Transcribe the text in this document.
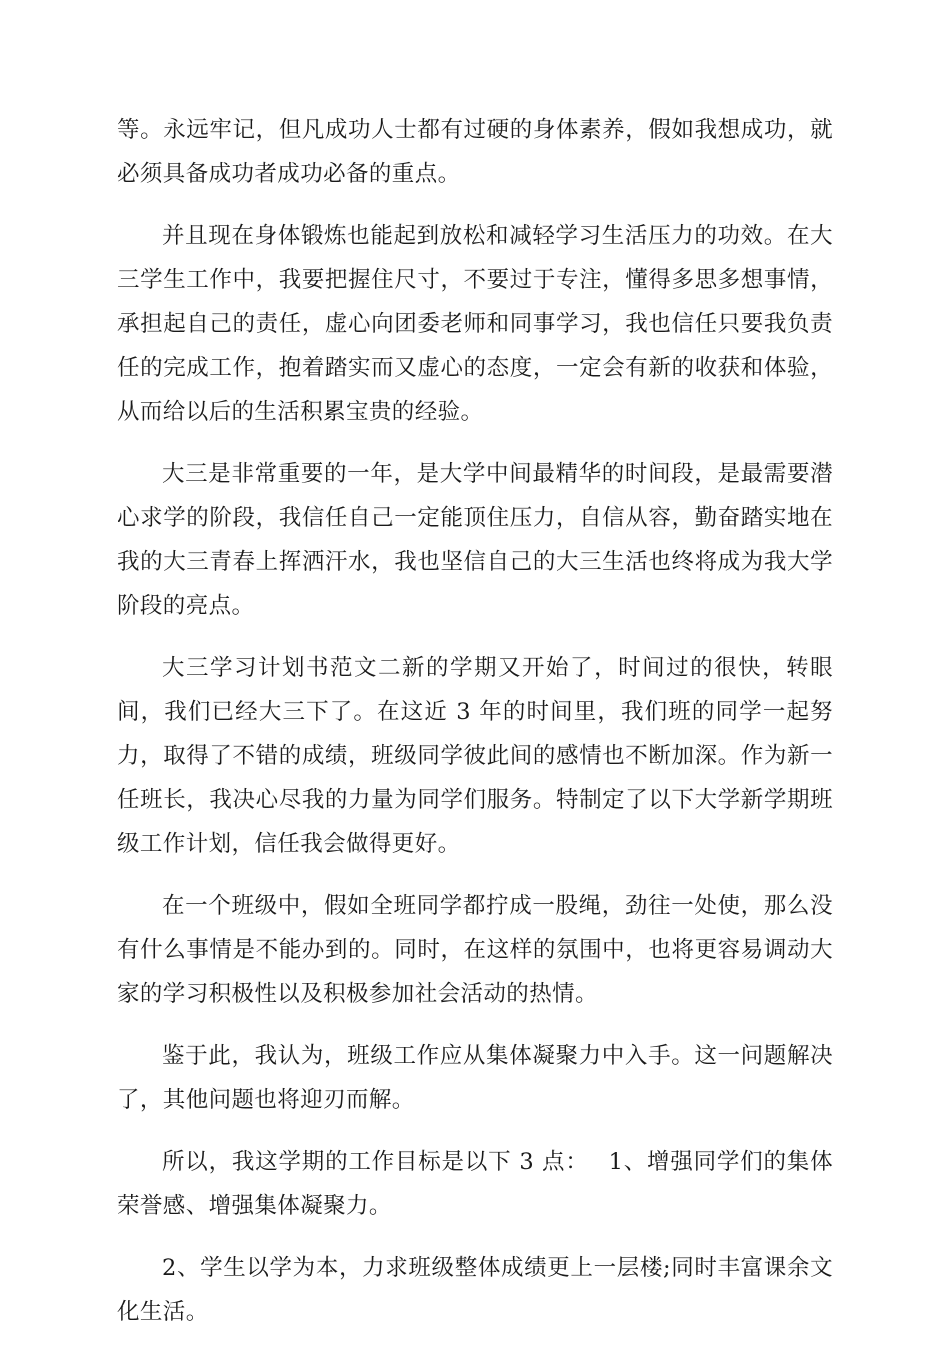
等。永远牢记，但凡成功人士都有过硬的身体素养，假如我想成功，就必须具备成功者成功必备的重点。

并且现在身体锻炼也能起到放松和减轻学习生活压力的功效。在大三学生工作中，我要把握住尺寸，不要过于专注，懂得多思多想事情，承担起自己的责任，虚心向团委老师和同事学习，我也信任只要我负责任的完成工作，抱着踏实而又虚心的态度，一定会有新的收获和体验，从而给以后的生活积累宝贵的经验。

大三是非常重要的一年，是大学中间最精华的时间段，是最需要潜心求学的阶段，我信任自己一定能顶住压力，自信从容，勤奋踏实地在我的大三青春上挥洒汗水，我也坚信自己的大三生活也终将成为我大学阶段的亮点。

大三学习计划书范文二新的学期又开始了，时间过的很快，转眼间，我们已经大三下了。在这近 3 年的时间里，我们班的同学一起努力，取得了不错的成绩，班级同学彼此间的感情也不断加深。作为新一任班长，我决心尽我的力量为同学们服务。特制定了以下大学新学期班级工作计划，信任我会做得更好。

在一个班级中，假如全班同学都拧成一股绳，劲往一处使，那么没有什么事情是不能办到的。同时，在这样的氛围中，也将更容易调动大家的学习积极性以及积极参加社会活动的热情。

鉴于此，我认为，班级工作应从集体凝聚力中入手。这一问题解决了，其他问题也将迎刃而解。

所以，我这学期的工作目标是以下 3 点：　 1、增强同学们的集体荣誉感、增强集体凝聚力。

2、学生以学为本，力求班级整体成绩更上一层楼;同时丰富课余文化生活。
